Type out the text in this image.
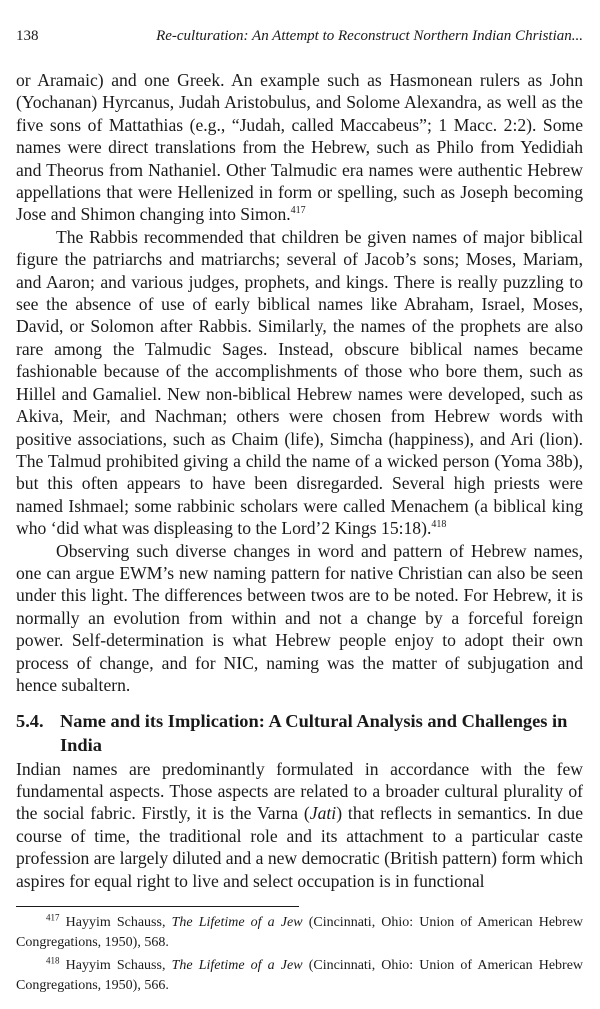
138	Re-culturation: An Attempt to Reconstruct Northern Indian Christian...

or Aramaic) and one Greek. An example such as Hasmonean rulers as John (Yochanan) Hyrcanus, Judah Aristobulus, and Solome Alexandra, as well as the five sons of Mattathias (e.g., “Judah, called Maccabeus”; 1 Macc. 2:2). Some names were direct translations from the Hebrew, such as Philo from Yedidiah and Theorus from Nathaniel. Other Talmudic era names were authentic Hebrew appellations that were Hellenized in form or spelling, such as Joseph becoming Jose and Shimon changing into Simon.$^{417}$

The Rabbis recommended that children be given names of major biblical figure the patriarchs and matriarchs; several of Jacob’s sons; Moses, Mariam, and Aaron; and various judges, prophets, and kings. There is really puzzling to see the absence of use of early biblical names like Abraham, Israel, Moses, David, or Solomon after Rabbis. Similarly, the names of the prophets are also rare among the Talmudic Sages. Instead, obscure biblical names became fashionable because of the accomplishments of those who bore them, such as Hillel and Gamaliel. New non-biblical Hebrew names were developed, such as Akiva, Meir, and Nachman; others were chosen from Hebrew words with positive associations, such as Chaim (life), Simcha (happiness), and Ari (lion). The Talmud prohibited giving a child the name of a wicked person (Yoma 38b), but this often appears to have been disregarded. Several high priests were named Ishmael; some rabbinic scholars were called Menachem (a biblical king who ‘did what was displeasing to the Lord’2 Kings 15:18).$^{418}$

Observing such diverse changes in word and pattern of Hebrew names, one can argue EWM’s new naming pattern for native Christian can also be seen under this light. The differences between twos are to be noted. For Hebrew, it is normally an evolution from within and not a change by a forceful foreign power. Self-determination is what Hebrew people enjoy to adopt their own process of change, and for NIC, naming was the matter of subjugation and hence subaltern.

5.4. Name and its Implication: A Cultural Analysis and Challenges in India

Indian names are predominantly formulated in accordance with the few fundamental aspects. Those aspects are related to a broader cultural plurality of the social fabric. Firstly, it is the Varna (Jati) that reflects in semantics. In due course of time, the traditional role and its attachment to a particular caste profession are largely diluted and a new democratic (British pattern) form which aspires for equal right to live and select occupation is in functional

$^{417}$ Hayyim Schauss, The Lifetime of a Jew (Cincinnati, Ohio: Union of American Hebrew Congregations, 1950), 568.

$^{418}$ Hayyim Schauss, The Lifetime of a Jew (Cincinnati, Ohio: Union of American Hebrew Congregations, 1950), 566.
